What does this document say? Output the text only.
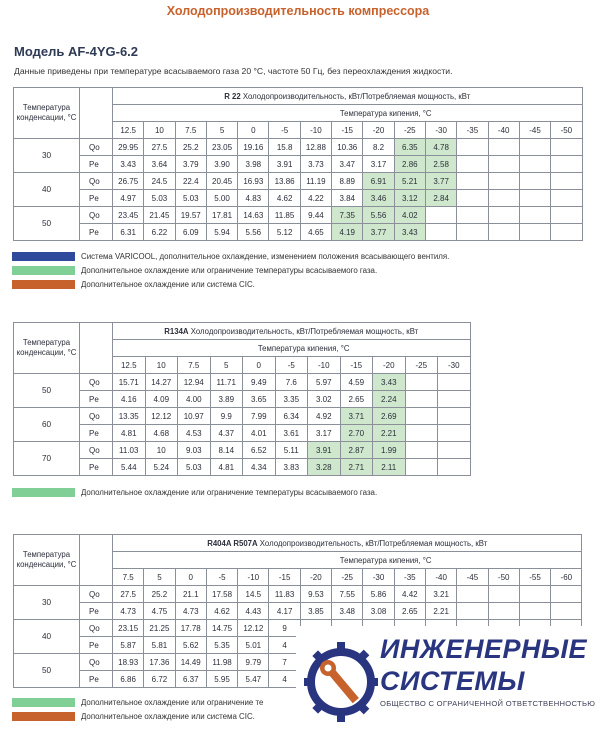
Холодопроизводительность компрессора
Модель AF-4YG-6.2
Данные приведены при температуре всасываемого газа 20 °C, частоте 50 Гц, без переохлаждения жидкости.
Температура конденсации, °C		R 22 Холодопроизводительность, кВт/Потребляемая мощность, кВт														
		Температура кипения, °C														
		12.5	10	7.5	5	0	-5	-10	-15	-20	-25	-30	-35	-40	-45	-50
30	Qo	29.95	27.5	25.2	23.05	19.16	15.8	12.88	10.36	8.2	6.35	4.78				
	Pe	3.43	3.64	3.79	3.90	3.98	3.91	3.73	3.47	3.17	2.86	2.58				
40	Qo	26.75	24.5	22.4	20.45	16.93	13.86	11.19	8.89	6.91	5.21	3.77				
	Pe	4.97	5.03	5.03	5.00	4.83	4.62	4.22	3.84	3.46	3.12	2.84				
50	Qo	23.45	21.45	19.57	17.81	14.63	11.85	9.44	7.35	5.56	4.02					
	Pe	6.31	6.22	6.09	5.94	5.56	5.12	4.65	4.19	3.77	3.43					
Система VARICOOL, дополнительное охлаждение, изменением положения всасывающего вентиля.
Дополнительное охлаждение или ограничение температуры всасываемого газа.
Дополнительное охлаждение или система CIC.
Температура конденсации, °C		R134A Холодопроизводительность, кВт/Потребляемая мощность, кВт										
		Температура кипения, °C										
		12.5	10	7.5	5	0	-5	-10	-15	-20	-25	-30
50	Qo	15.71	14.27	12.94	11.71	9.49	7.6	5.97	4.59	3.43		
	Pe	4.16	4.09	4.00	3.89	3.65	3.35	3.02	2.65	2.24		
60	Qo	13.35	12.12	10.97	9.9	7.99	6.34	4.92	3.71	2.69		
	Pe	4.81	4.68	4.53	4.37	4.01	3.61	3.17	2.70	2.21		
70	Qo	11.03	10	9.03	8.14	6.52	5.11	3.91	2.87	1.99		
	Pe	5.44	5.24	5.03	4.81	4.34	3.83	3.28	2.71	2.11		
Дополнительное охлаждение или ограничение температуры всасываемого газа.
Температура конденсации, °C		R404A R507A Холодопроизводительность, кВт/Потребляемая мощность, кВт														
		Температура кипения, °C														
		7.5	5	0	-5	-10	-15	-20	-25	-30	-35	-40	-45	-50	-55	-60
30	Qo	27.5	25.2	21.1	17.58	14.5	11.83	9.53	7.55	5.86	4.42	3.21				
	Pe	4.73	4.75	4.73	4.62	4.43	4.17	3.85	3.48	3.08	2.65	2.21				
40	Qo	23.15	21.25	17.78	14.75	12.12	9									
	Pe	5.87	5.81	5.62	5.35	5.01	4									
50	Qo	18.93	17.36	14.49	11.98	9.79	7									
	Pe	6.86	6.72	6.37	5.95	5.47	4									
Дополнительное охлаждение или ограничение те
Дополнительное охлаждение или система CIC.
ИНЖЕНЕРНЫЕ
СИСТЕМЫ
ОБЩЕСТВО С ОГРАНИЧЕННОЙ ОТВЕТСТВЕННОСТЬЮ
